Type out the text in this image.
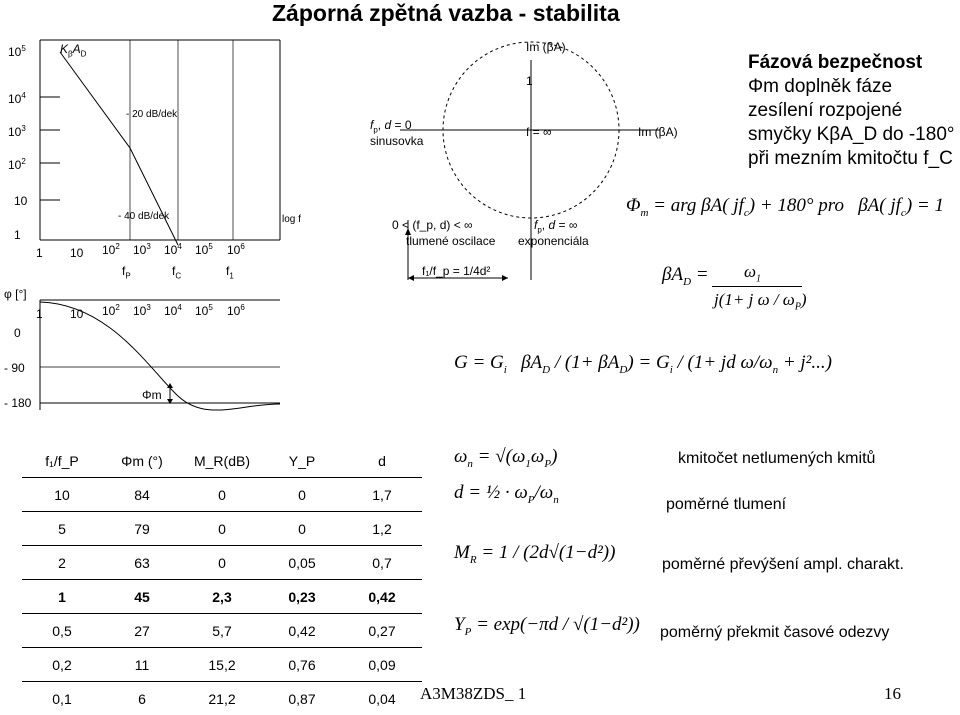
Záporná zpětná vazba - stabilita
$10^5$
$10^4$
$10^3$
$10^2$
10
1
$K_\beta A_D$
- 20 dB/dek
- 40 dB/dek	log f
1 10 $10^2$ $10^3$ $10^4$ $10^5$ $10^6$
$f_P$	$f_C$	$f_1$
φ [°]
1 10 $10^2$ $10^3$ $10^4$ $10^5$ $10^6$
0
- 90
- 180
Φm
Im (βA)
1
f = ∞	Im (βA)
$f_p$, d = 0
sinusovka
0 < (f_p, d) < ∞
tlumené oscilace
$f_p$, d = ∞
exponenciála
f₁/f_p = 1/4d²
Fázová bezpečnost
Φm doplněk fáze
zesílení rozpojené
smyčky KβA_D do -180°
při mezním kmitočtu f_C
$\Phi_m$ = arg βA( $jf_c) + 180^\circ$ pro   βA( $jf_c) = 1$
$\beta A_D = \omega_1$
j(1+ j ω / $\omega_P$)
$G = G_i$   $\beta A_D / (1+ \beta A_D) = G_i / (1+$ jd $\omega/\omega_n + j^2$...)
$\omega_n = √(\omega_1\omega_P)$
d = ½ · $\omega_P/\omega_n$
$M_R = 1 / (2d√(1-d^2))$
$Y_P = \exp(-\pi d / √(1-d^2))$
kmitočet netlumených kmitů
poměrné tlumení
poměrné převýšení ampl. charakt.
poměrný překmit časové odezvy
f₁/f_P	Φm (°)	M_R(dB)	Y_P	d
10	84	0	0	1,7
5	79	0	0	1,2
2	63	0	0,05	0,7
1	45	2,3	0,23	0,42
0,5	27	5,7	0,42	0,27
0,2	11	15,2	0,76	0,09
0,1	6	21,2	0,87	0,04 A3M38ZDS_ 1	16
